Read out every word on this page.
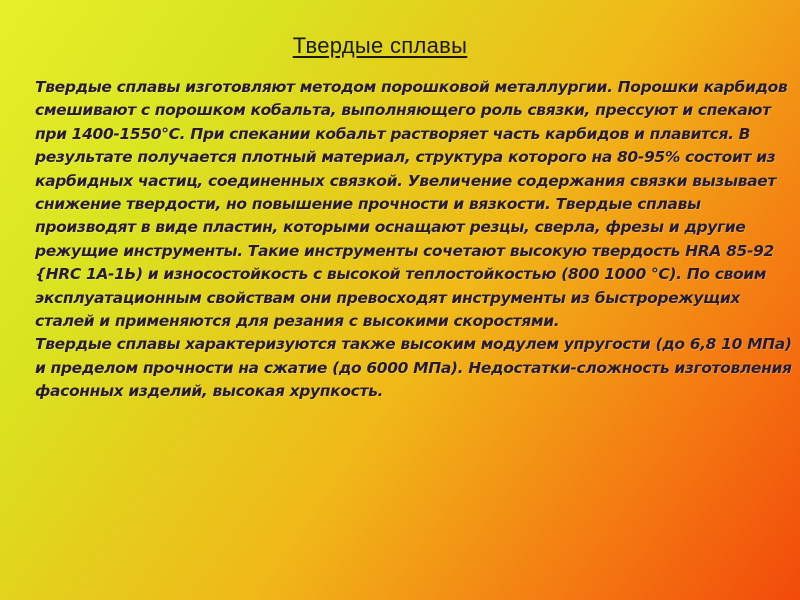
Твердые сплавы

Твердые сплавы изготовляют методом порошковой металлургии. Порошки карбидов смешивают с порошком кобальта, выполняющего роль связки, прессуют и спекают при 1400-1550°С. При спекании кобальт растворяет часть карбидов и плавится. В результате получается плотный материал, структура которого на 80-95% состоит из карбидных частиц, соединенных связкой. Увеличение содержания связки вызывает снижение твердости, но повышение прочности и вязкости. Твердые сплавы производят в виде пластин, которыми оснащают резцы, сверла, фрезы и другие режущие инструменты. Такие инструменты сочетают высокую твердость HRA 85-92 {HRC 1А-1Ь) и износостойкость с высокой теплостойкостью (800 1000 °С). По своим эксплуатационным свойствам они превосходят инструменты из быстрорежущих сталей и применяются для резания с высокими скоростями.

Твердые сплавы характеризуются также высоким модулем упругости (до 6,8 10 МПа) и пределом прочности на сжатие (до 6000 МПа). Недостатки-сложность изготовления фасонных изделий, высокая хрупкость.
